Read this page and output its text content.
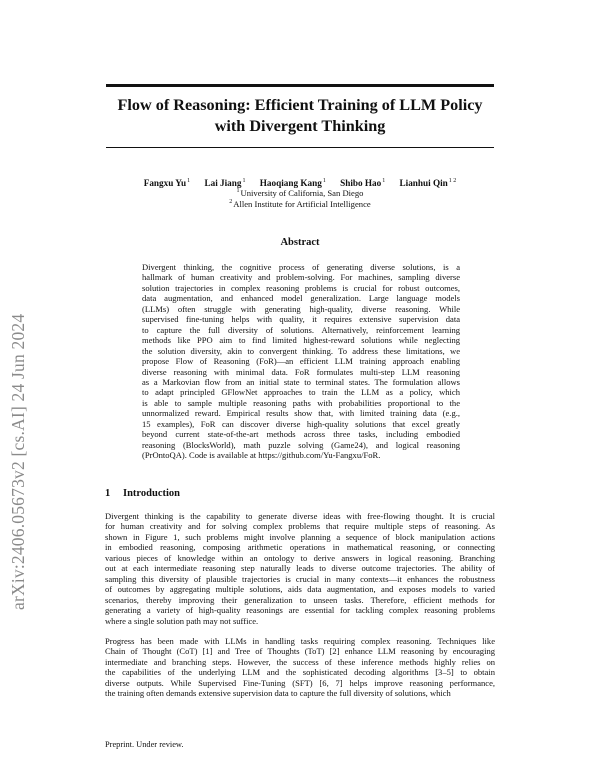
arXiv:2406.05673v2 [cs.AI] 24 Jun 2024
Flow of Reasoning: Efficient Training of LLM Policy
with Divergent Thinking
Fangxu Yu$^1$ Lai Jiang$^1$ Haoqiang Kang$^1$ Shibo Hao$^1$ Lianhui Qin$^{1 2}$
$^1$University of California, San Diego
$^2$Allen Institute for Artificial Intelligence
Abstract
Divergent thinking, the cognitive process of generating diverse solutions, is a
hallmark of human creativity and problem-solving. For machines, sampling diverse
solution trajectories in complex reasoning problems is crucial for robust outcomes,
data augmentation, and enhanced model generalization. Large language models
(LLMs) often struggle with generating high-quality, diverse reasoning. While
supervised fine-tuning helps with quality, it requires extensive supervision data
to capture the full diversity of solutions. Alternatively, reinforcement learning
methods like PPO aim to find limited highest-reward solutions while neglecting
the solution diversity, akin to convergent thinking. To address these limitations, we
propose Flow of Reasoning (FoR)—an efficient LLM training approach enabling
diverse reasoning with minimal data. FoR formulates multi-step LLM reasoning
as a Markovian flow from an initial state to terminal states. The formulation allows
to adapt principled GFlowNet approaches to train the LLM as a policy, which
is able to sample multiple reasoning paths with probabilities proportional to the
unnormalized reward. Empirical results show that, with limited training data (e.g.,
15 examples), FoR can discover diverse high-quality solutions that excel greatly
beyond current state-of-the-art methods across three tasks, including embodied
reasoning (BlocksWorld), math puzzle solving (Game24), and logical reasoning
(PrOntoQA). Code is available at https://github.com/Yu-Fangxu/FoR.
1 Introduction
Divergent thinking is the capability to generate diverse ideas with free-flowing thought. It is crucial
for human creativity and for solving complex problems that require multiple steps of reasoning. As
shown in Figure 1, such problems might involve planning a sequence of block manipulation actions
in embodied reasoning, composing arithmetic operations in mathematical reasoning, or connecting
various pieces of knowledge within an ontology to derive answers in logical reasoning. Branching
out at each intermediate reasoning step naturally leads to diverse outcome trajectories. The ability of
sampling this diversity of plausible trajectories is crucial in many contexts—it enhances the robustness
of outcomes by aggregating multiple solutions, aids data augmentation, and exposes models to varied
scenarios, thereby improving their generalization to unseen tasks. Therefore, efficient methods for
generating a variety of high-quality reasonings are essential for tackling complex reasoning problems
where a single solution path may not suffice.
Progress has been made with LLMs in handling tasks requiring complex reasoning. Techniques like
Chain of Thought (CoT) [1] and Tree of Thoughts (ToT) [2] enhance LLM reasoning by encouraging
intermediate and branching steps. However, the success of these inference methods highly relies on
the capabilities of the underlying LLM and the sophisticated decoding algorithms [3–5] to obtain
diverse outputs. While Supervised Fine-Tuning (SFT) [6, 7] helps improve reasoning performance,
the training often demands extensive supervision data to capture the full diversity of solutions, which
Preprint. Under review.
